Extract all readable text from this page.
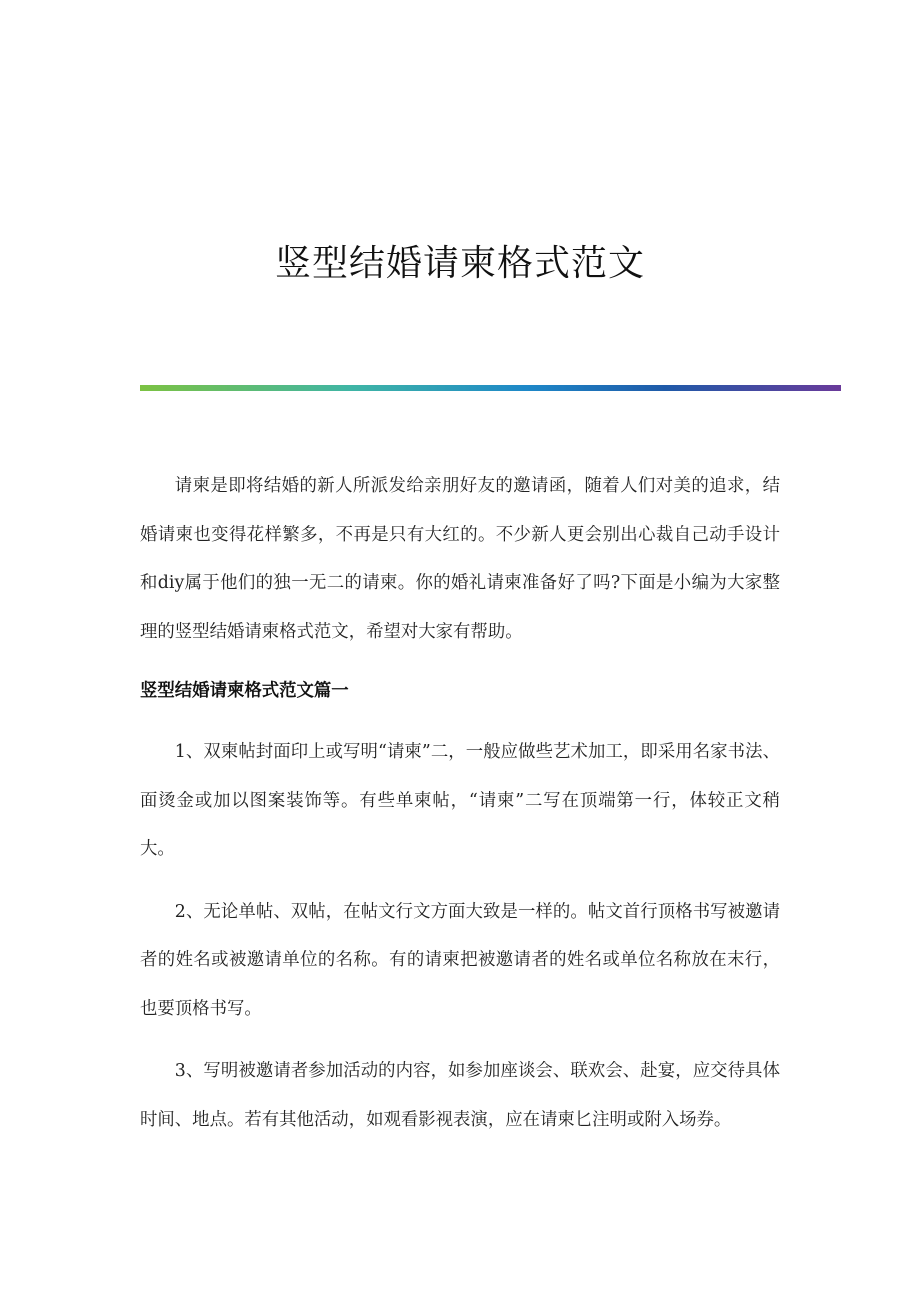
竖型结婚请柬格式范文

请柬是即将结婚的新人所派发给亲朋好友的邀请函，随着人们对美的追求，结婚请柬也变得花样繁多，不再是只有大红的。不少新人更会别出心裁自己动手设计和diy属于他们的独一无二的请柬。你的婚礼请柬准备好了吗?下面是小编为大家整理的竖型结婚请柬格式范文，希望对大家有帮助。

竖型结婚请柬格式范文篇一

1、双柬帖封面印上或写明“请柬”二，一般应做些艺术加工，即采用名家书法、面烫金或加以图案装饰等。有些单柬帖，“请柬”二写在顶端第一行，体较正文稍大。

2、无论单帖、双帖，在帖文行文方面大致是一样的。帖文首行顶格书写被邀请者的姓名或被邀请单位的名称。有的请柬把被邀请者的姓名或单位名称放在末行，也要顶格书写。

3、写明被邀请者参加活动的内容，如参加座谈会、联欢会、赴宴，应交待具体时间、地点。若有其他活动，如观看影视表演，应在请柬匕注明或附入场券。
